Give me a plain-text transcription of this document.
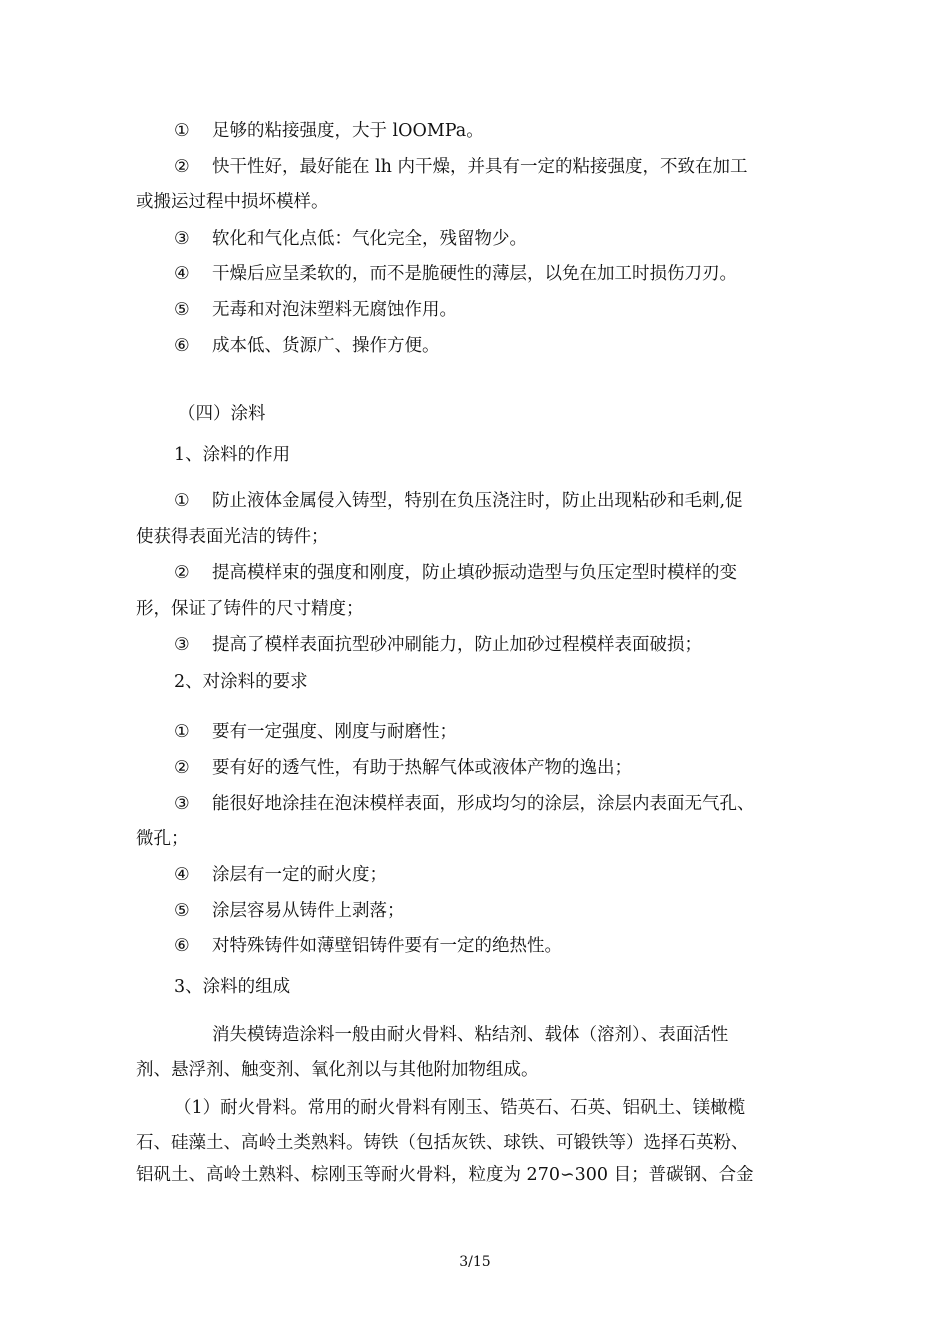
① 足够的粘接强度，大于 lOOMPa。
② 快干性好，最好能在 lh 内干燥，并具有一定的粘接强度，不致在加工
或搬运过程中损坏模样。
③ 软化和气化点低：气化完全，残留物少。
④ 干燥后应呈柔软的，而不是脆硬性的薄层，以免在加工时损伤刀刃。
⑤ 无毒和对泡沫塑料无腐蚀作用。
⑥ 成本低、货源广、操作方便。
（四）涂料
1、涂料的作用
① 防止液体金属侵入铸型，特别在负压浇注时，防止出现粘砂和毛刺,促
使获得表面光洁的铸件；
② 提高模样束的强度和刚度，防止填砂振动造型与负压定型时模样的变
形，保证了铸件的尺寸精度；
③ 提高了模样表面抗型砂冲刷能力，防止加砂过程模样表面破损；
2、对涂料的要求
① 要有一定强度、刚度与耐磨性；
② 要有好的透气性，有助于热解气体或液体产物的逸出；
③ 能很好地涂挂在泡沫模样表面，形成均匀的涂层，涂层内表面无气孔、
微孔；
④ 涂层有一定的耐火度；
⑤ 涂层容易从铸件上剥落；
⑥ 对特殊铸件如薄壁铝铸件要有一定的绝热性。
3、涂料的组成
消失模铸造涂料一般由耐火骨料、粘结剂、载体（溶剂）、表面活性
剂、悬浮剂、触变剂、氧化剂以与其他附加物组成。
（1）耐火骨料。常用的耐火骨料有刚玉、锆英石、石英、铝矾土、镁橄榄
石、硅藻土、高岭土类熟料。铸铁（包括灰铁、球铁、可锻铁等）选择石英粉、
铝矾土、高岭土熟料、棕刚玉等耐火骨料，粒度为 270∽300 目；普碳钢、合金
3/15
